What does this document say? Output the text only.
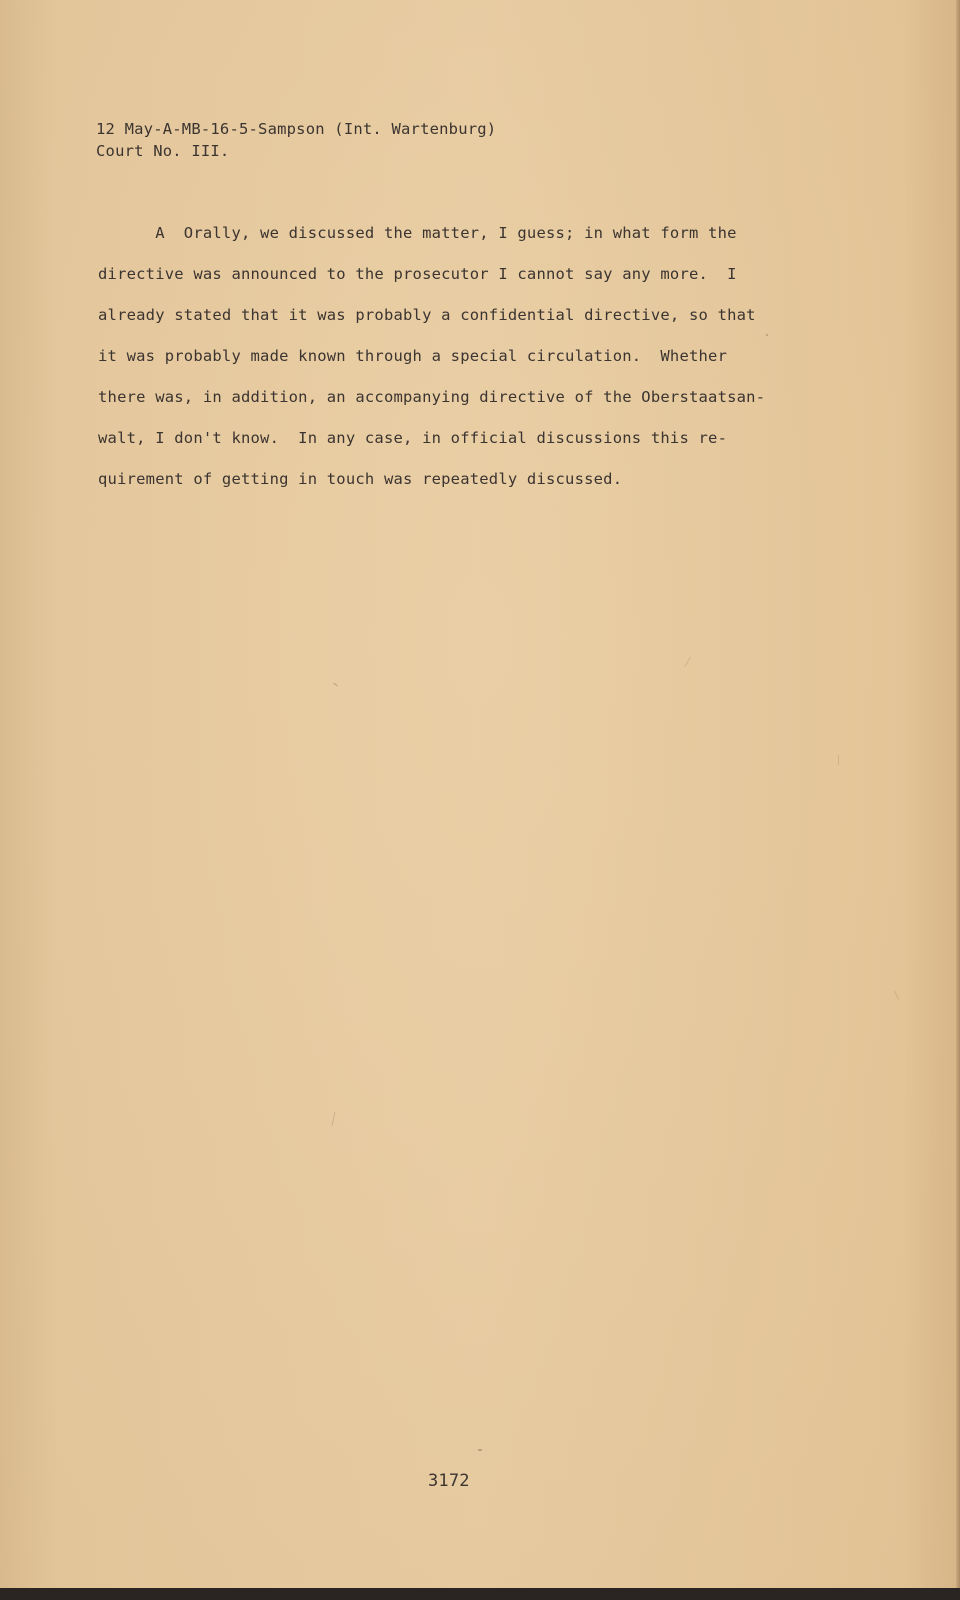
12 May-A-MB-16-5-Sampson (Int. Wartenburg)
Court No. III.
A  Orally, we discussed the matter, I guess; in what form the
directive was announced to the prosecutor I cannot say any more.  I
already stated that it was probably a confidential directive, so that
it was probably made known through a special circulation.  Whether
there was, in addition, an accompanying directive of the Oberstaatsan-
walt, I don't know.  In any case, in official discussions this re-
quirement of getting in touch was repeatedly discussed.
3172
